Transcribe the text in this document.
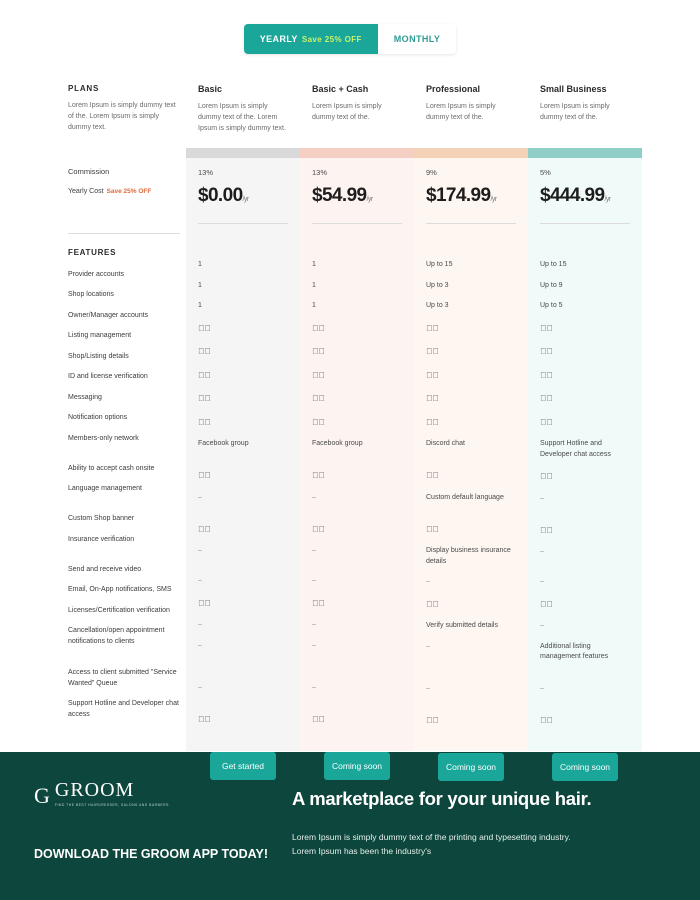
YEARLY Save 25% OFF	MONTHLY
PLANS
Lorem Ipsum is simply dummy text of the. Lorem Ipsum is simply dummy text.
Commission
Yearly Cost Save 25% OFF
FEATURES
Provider accounts
Shop locations
Owner/Manager accounts
Listing management
Shop/Listing details
ID and license verification
Messaging
Notification options
Members-only network
Ability to accept cash onsite
Language management
Custom Shop banner
Insurance verification
Send and receive video
Email, On-App notifications, SMS
Licenses/Certification verification
Cancellation/open appointment notifications to clients
Access to client submitted "Service Wanted" Queue
Support Hotline and Developer chat access
Basic
Lorem Ipsum is simply dummy text of the. Lorem Ipsum is simply dummy text.
13%
$0.00/yr
1
1
1
✓⃝
✓⃝
✓⃝
✓⃝
✓⃝
Facebook group
✓⃝
–
✕⃝
–
–
✓⃝
–
–
–
✕⃝
Get started
Basic + Cash
Lorem Ipsum is simply dummy text of the.
13%
$54.99/yr
1
1
1
✓⃝
✓⃝
✓⃝
✓⃝
✓⃝
Facebook group
✓⃝
–
✕⃝
–
–
✓⃝
–
–
–
✕⃝
Coming soon
Professional
Lorem Ipsum is simply dummy text of the.
9%
$174.99/yr
Up to 15
Up to 3
Up to 3
✓⃝
✓⃝
✓⃝
✓⃝
✓⃝
Discord chat
✓⃝
Custom default language
✓⃝
Display business insurance details
–
✓⃝
Verify submitted details
–
–
✓⃝
Coming soon
Small Business
Lorem Ipsum is simply dummy text of the.
5%
$444.99/yr
Up to 15
Up to 9
Up to 5
✓⃝
✓⃝
✓⃝
✓⃝
✓⃝
Support Hotline and Developer chat access
✓⃝
–
✓⃝
–
–
✓⃝
–
Additional listing management features
–
✓⃝
Coming soon
G GROOM
FIND THE BEST HAIRDRESSER, SALONS AND BARBERS
DOWNLOAD THE GROOM APP TODAY!
A marketplace for your unique hair.
Lorem Ipsum is simply dummy text of the printing and typesetting industry.
Lorem Ipsum has been the industry's
